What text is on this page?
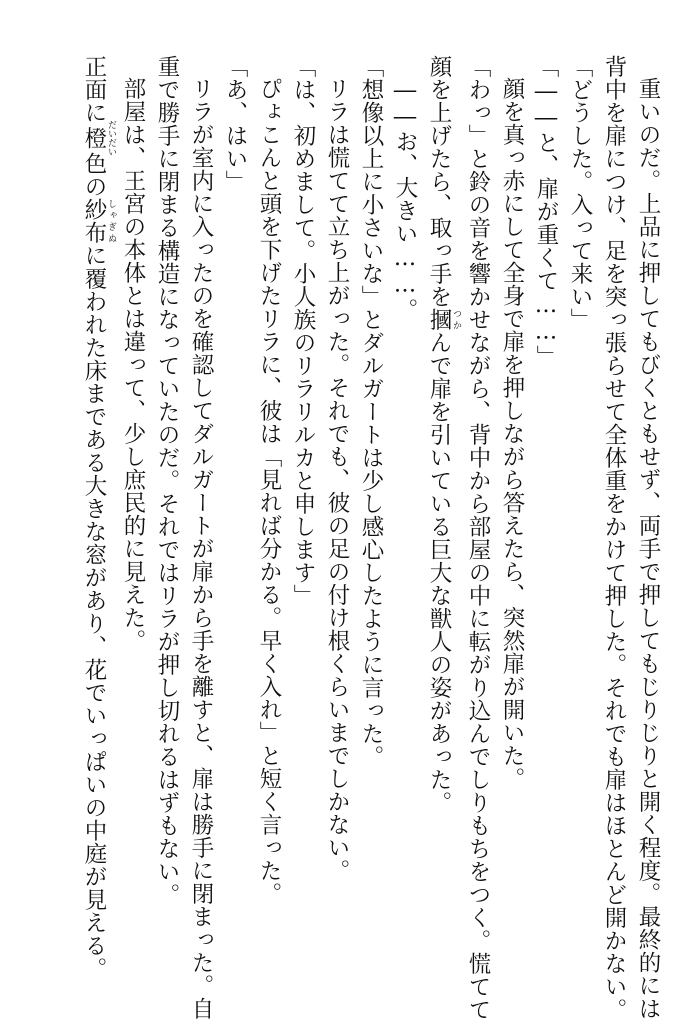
重いのだ。上品に押してもびくともせず、両手で押してもじりじりと開く程度。最終的には
背中を扉につけ、足を突っ張らせて全体重をかけて押した。それでも扉はほとんど開かない。
「どうした。入って来い」
「――と、扉が重くて……」
顔を真っ赤にして全身で扉を押しながら答えたら、突然扉が開いた。
「わっ」と鈴の音を響かせながら、背中から部屋の中に転がり込んでしりもちをつく。慌てて
顔を上げたら、取っ手を摑 つかんで扉を引いている巨大な獣人の姿があった。
――お、大きい……。
「想像以上に小さいな」とダルガートは少し感心したように言った。
リラは慌てて立ち上がった。それでも、彼の足の付け根くらいまでしかない。
「は、初めまして。小人族のリラリルカと申します」
ぴょこんと頭を下げたリラに、彼は「見れば分かる。早く入れ」と短く言った。
「あ、はい」
リラが室内に入ったのを確認してダルガートが扉から手を離すと、扉は勝手に閉まった。自
重で勝手に閉まる構造になっていたのだ。それではリラが押し切れるはずもない。
部屋は、王宮の本体とは違って、少し庶民的に見えた。
正面に橙 だいだい色の紗布 しゃぎぬに覆われた床まである大きな窓があり、花でいっぱいの中庭が見える。
